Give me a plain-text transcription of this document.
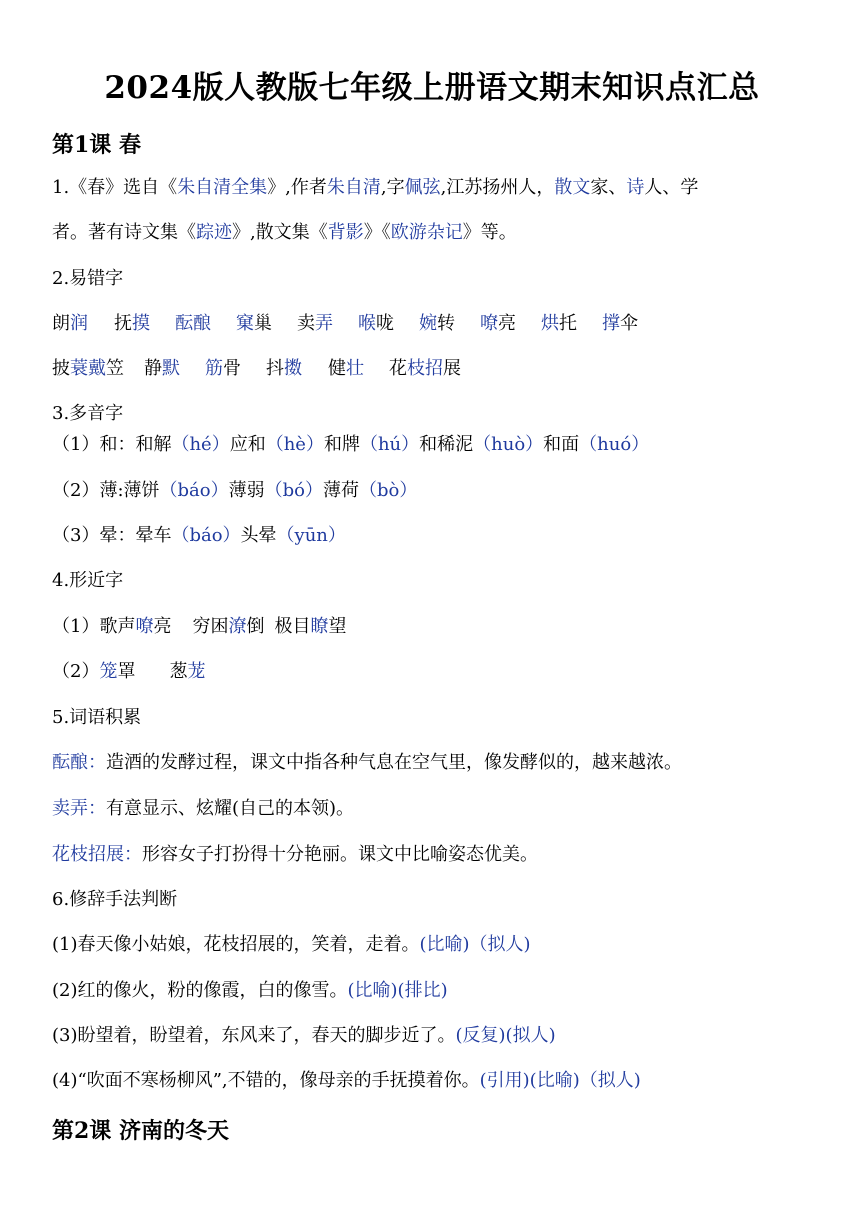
2024版人教版七年级上册语文期末知识点汇总
第1课 春
1.《春》选自《朱自清全集》,作者朱自清,字佩弦,江苏扬州人，散文家、诗人、学
者。著有诗文集《踪迹》,散文集《背影》《欧游杂记》等。
2.易错字
朗润 抚摸 酝酿 窠巢 卖弄 喉咙 婉转 嘹亮 烘托 撑伞
披蓑戴笠 静默 筋骨 抖擞 健壮 花枝招展
3.多音字
（1）和：和解（hé）应和（hè）和牌（hú）和稀泥（huò）和面（huó）
（2）薄:薄饼（báo）薄弱（bó）薄荷（bò）
（3）晕：晕车（báo）头晕（yūn）
4.形近字
（1）歌声嘹亮 穷困潦倒 极目瞭望
（2）笼罩 葱茏
5.词语积累
酝酿：造酒的发酵过程，课文中指各种气息在空气里，像发酵似的，越来越浓。
卖弄：有意显示、炫耀(自己的本领)。
花枝招展：形容女子打扮得十分艳丽。课文中比喻姿态优美。
6.修辞手法判断
(1)春天像小姑娘，花枝招展的，笑着，走着。(比喻)（拟人)
(2)红的像火，粉的像霞，白的像雪。(比喻)(排比)
(3)盼望着，盼望着，东风来了，春天的脚步近了。(反复)(拟人)
(4)“吹面不寒杨柳风”,不错的，像母亲的手抚摸着你。(引用)(比喻)（拟人)
第2课 济南的冬天
